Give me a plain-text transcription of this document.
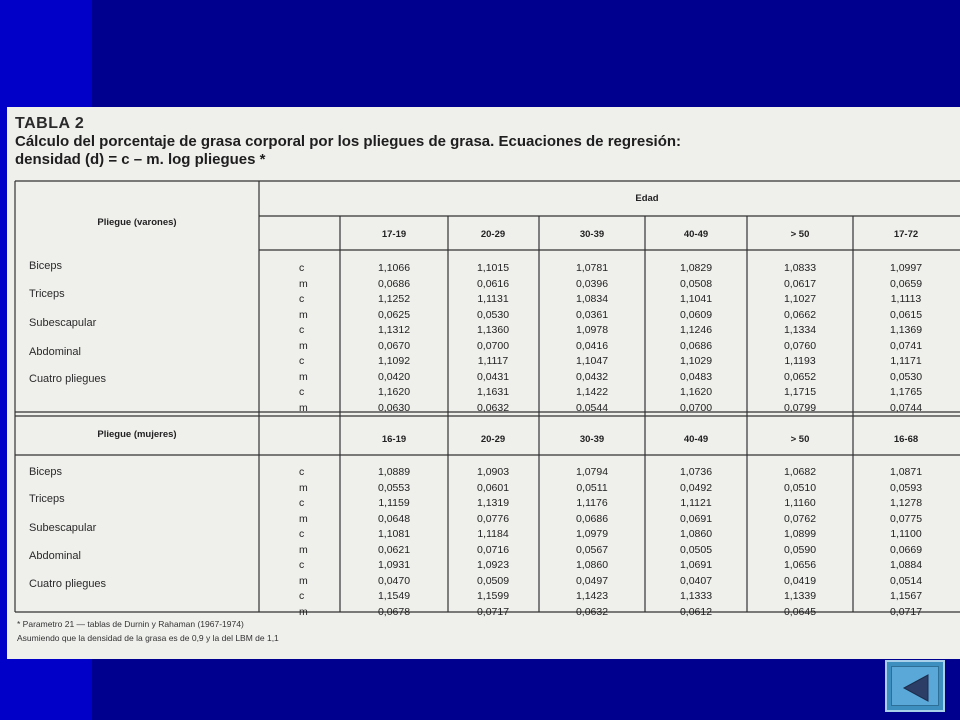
TABLA 2
Cálculo del porcentaje de grasa corporal por los pliegues de grasa. Ecuaciones de regresión:
densidad (d) = c – m. log pliegues *
Edad
Pliegue (varones)
Pliegue (mujeres)
17-19	20-29	30-39	40-49	> 50	17-72
c	1,1066	1,1015	1,0781	1,0829	1,0833	1,0997
Biceps
m	0,0686	0,0616	0,0396	0,0508	0,0617	0,0659
c	1,1252	1,1131	1,0834	1,1041	1,1027	1,1113
Triceps
m	0,0625	0,0530	0,0361	0,0609	0,0662	0,0615
c	1,1312	1,1360	1,0978	1,1246	1,1334	1,1369
Subescapular
m	0,0670	0,0700	0,0416	0,0686	0,0760	0,0741
c	1,1092	1,1117	1,1047	1,1029	1,1193	1,1171
Abdominal
m	0,0420	0,0431	0,0432	0,0483	0,0652	0,0530
c	1,1620	1,1631	1,1422	1,1620	1,1715	1,1765
Cuatro pliegues
m	0,0630	0,0632	0,0544	0,0700	0,0799	0,0744
16-19	20-29	30-39	40-49	> 50	16-68
c	1,0889	1,0903	1,0794	1,0736	1,0682	1,0871
Biceps
m	0,0553	0,0601	0,0511	0,0492	0,0510	0,0593
c	1,1159	1,1319	1,1176	1,1121	1,1160	1,1278
Triceps
m	0,0648	0,0776	0,0686	0,0691	0,0762	0,0775
c	1,1081	1,1184	1,0979	1,0860	1,0899	1,1100
Subescapular
m	0,0621	0,0716	0,0567	0,0505	0,0590	0,0669
c	1,0931	1,0923	1,0860	1,0691	1,0656	1,0884
Abdominal
m	0,0470	0,0509	0,0497	0,0407	0,0419	0,0514
c	1,1549	1,1599	1,1423	1,1333	1,1339	1,1567
Cuatro pliegues
m	0,0678	0,0717	0,0632	0,0612	0,0645	0,0717
* Parametro 21 — tablas de Durnin y Rahaman (1967-1974)
Asumiendo que la densidad de la grasa es de 0,9 y la del LBM de 1,1
